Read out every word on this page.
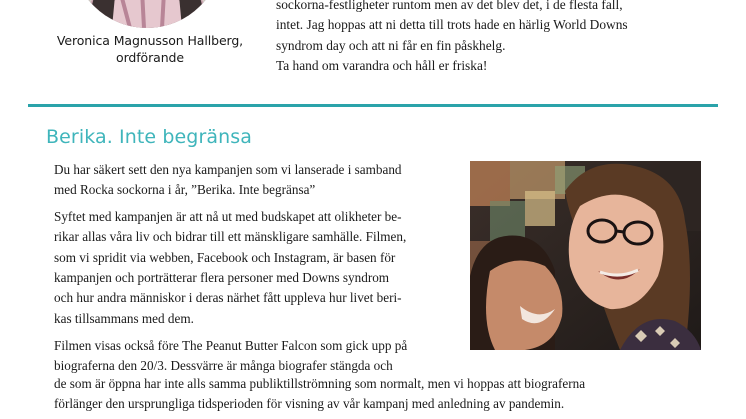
Veronica Magnusson Hallberg,
ordförande

sockorna-festligheter runtom men av det blev det, i de flesta fall,

intet. Jag hoppas att ni detta till trots hade en härlig World Downs

syndrom day och att ni får en fin påskhelg.

Ta hand om varandra och håll er friska!

Berika. Inte begränsa

Du har säkert sett den nya kampanjen som vi lanserade i samband
med Rocka sockorna i år, ”Berika. Inte begränsa”

Syftet med kampanjen är att nå ut med budskapet att olikheter be-
rikar allas våra liv och bidrar till ett mänskligare samhälle. Filmen,
som vi spridit via webben, Facebook och Instagram, är basen för
kampanjen och porträtterar flera personer med Downs syndrom
och hur andra människor i deras närhet fått uppleva hur livet beri-
kas tillsammans med dem.

Filmen visas också före The Peanut Butter Falcon som gick upp på
biograferna den 20/3. Dessvärre är många biografer stängda och

de som är öppna har inte alls samma publiktillströmning som normalt, men vi hoppas att biograferna
förlänger den ursprungliga tidsperioden för visning av vår kampanj med anledning av pandemin.
